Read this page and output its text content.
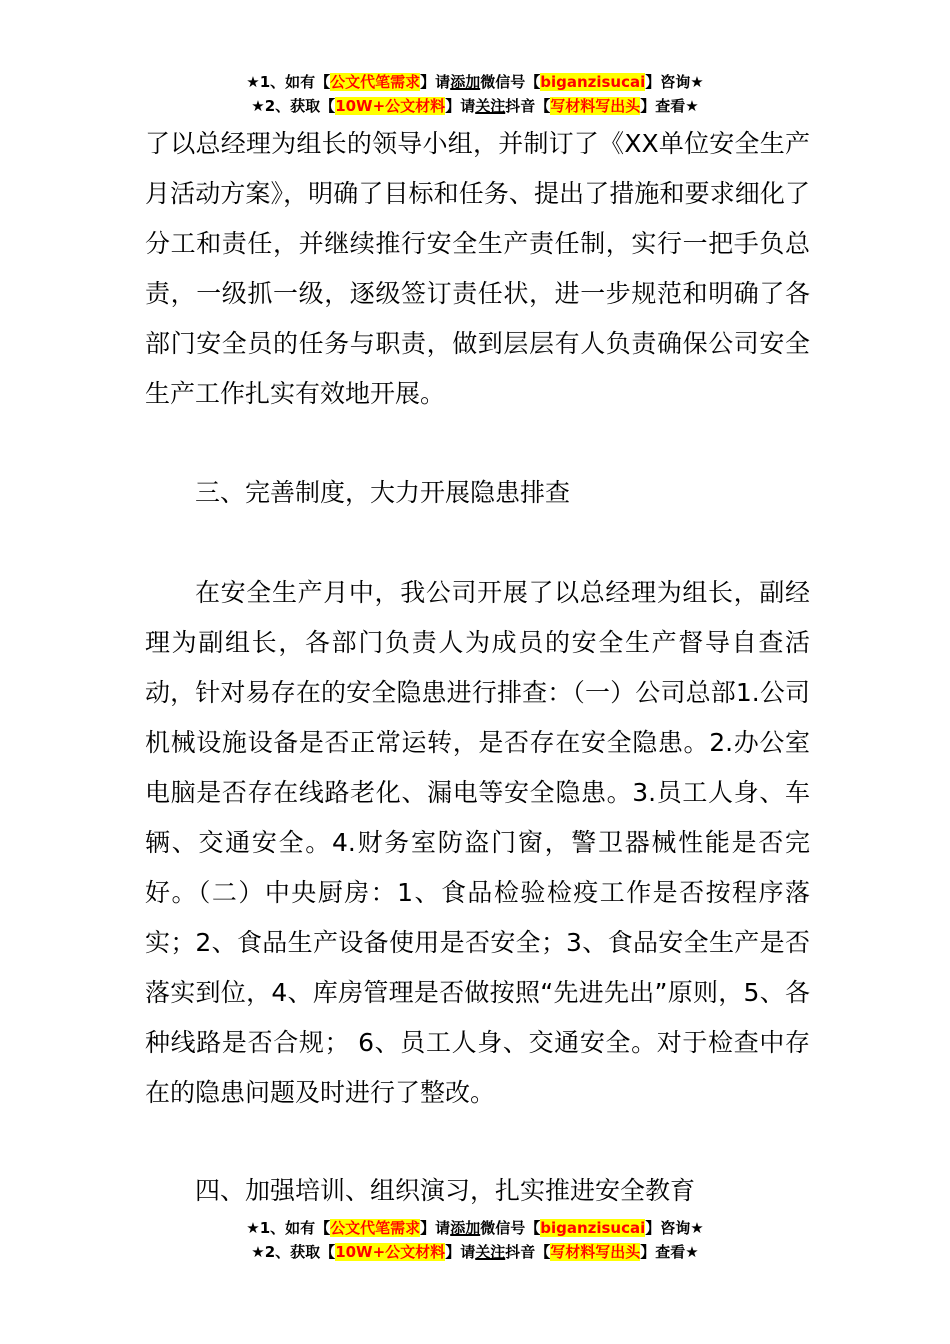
★1、如有【公文代笔需求】请添加微信号【biganzisucai】咨询★
★2、获取【10W+公文材料】请关注抖音【写材料写出头】查看★

了以总经理为组长的领导小组，并制订了《XX单位安全生产月活动方案》，明确了目标和任务、提出了措施和要求细化了分工和责任，并继续推行安全生产责任制，实行一把手负总责，一级抓一级，逐级签订责任状，进一步规范和明确了各部门安全员的任务与职责，做到层层有人负责确保公司安全生产工作扎实有效地开展。

三、完善制度，大力开展隐患排查

在安全生产月中，我公司开展了以总经理为组长，副经理为副组长，各部门负责人为成员的安全生产督导自查活动，针对易存在的安全隐患进行排查：（一）公司总部1.公司机械设施设备是否正常运转，是否存在安全隐患。2.办公室电脑是否存在线路老化、漏电等安全隐患。3.员工人身、车辆、交通安全。4.财务室防盗门窗，警卫器械性能是否完好。（二）中央厨房：1、食品检验检疫工作是否按程序落实；2、食品生产设备使用是否安全；3、食品安全生产是否落实到位，4、库房管理是否做按照“先进先出”原则，5、各种线路是否合规； 6、员工人身、交通安全。对于检查中存在的隐患问题及时进行了整改。

四、加强培训、组织演习，扎实推进安全教育

★1、如有【公文代笔需求】请添加微信号【biganzisucai】咨询★
★2、获取【10W+公文材料】请关注抖音【写材料写出头】查看★
